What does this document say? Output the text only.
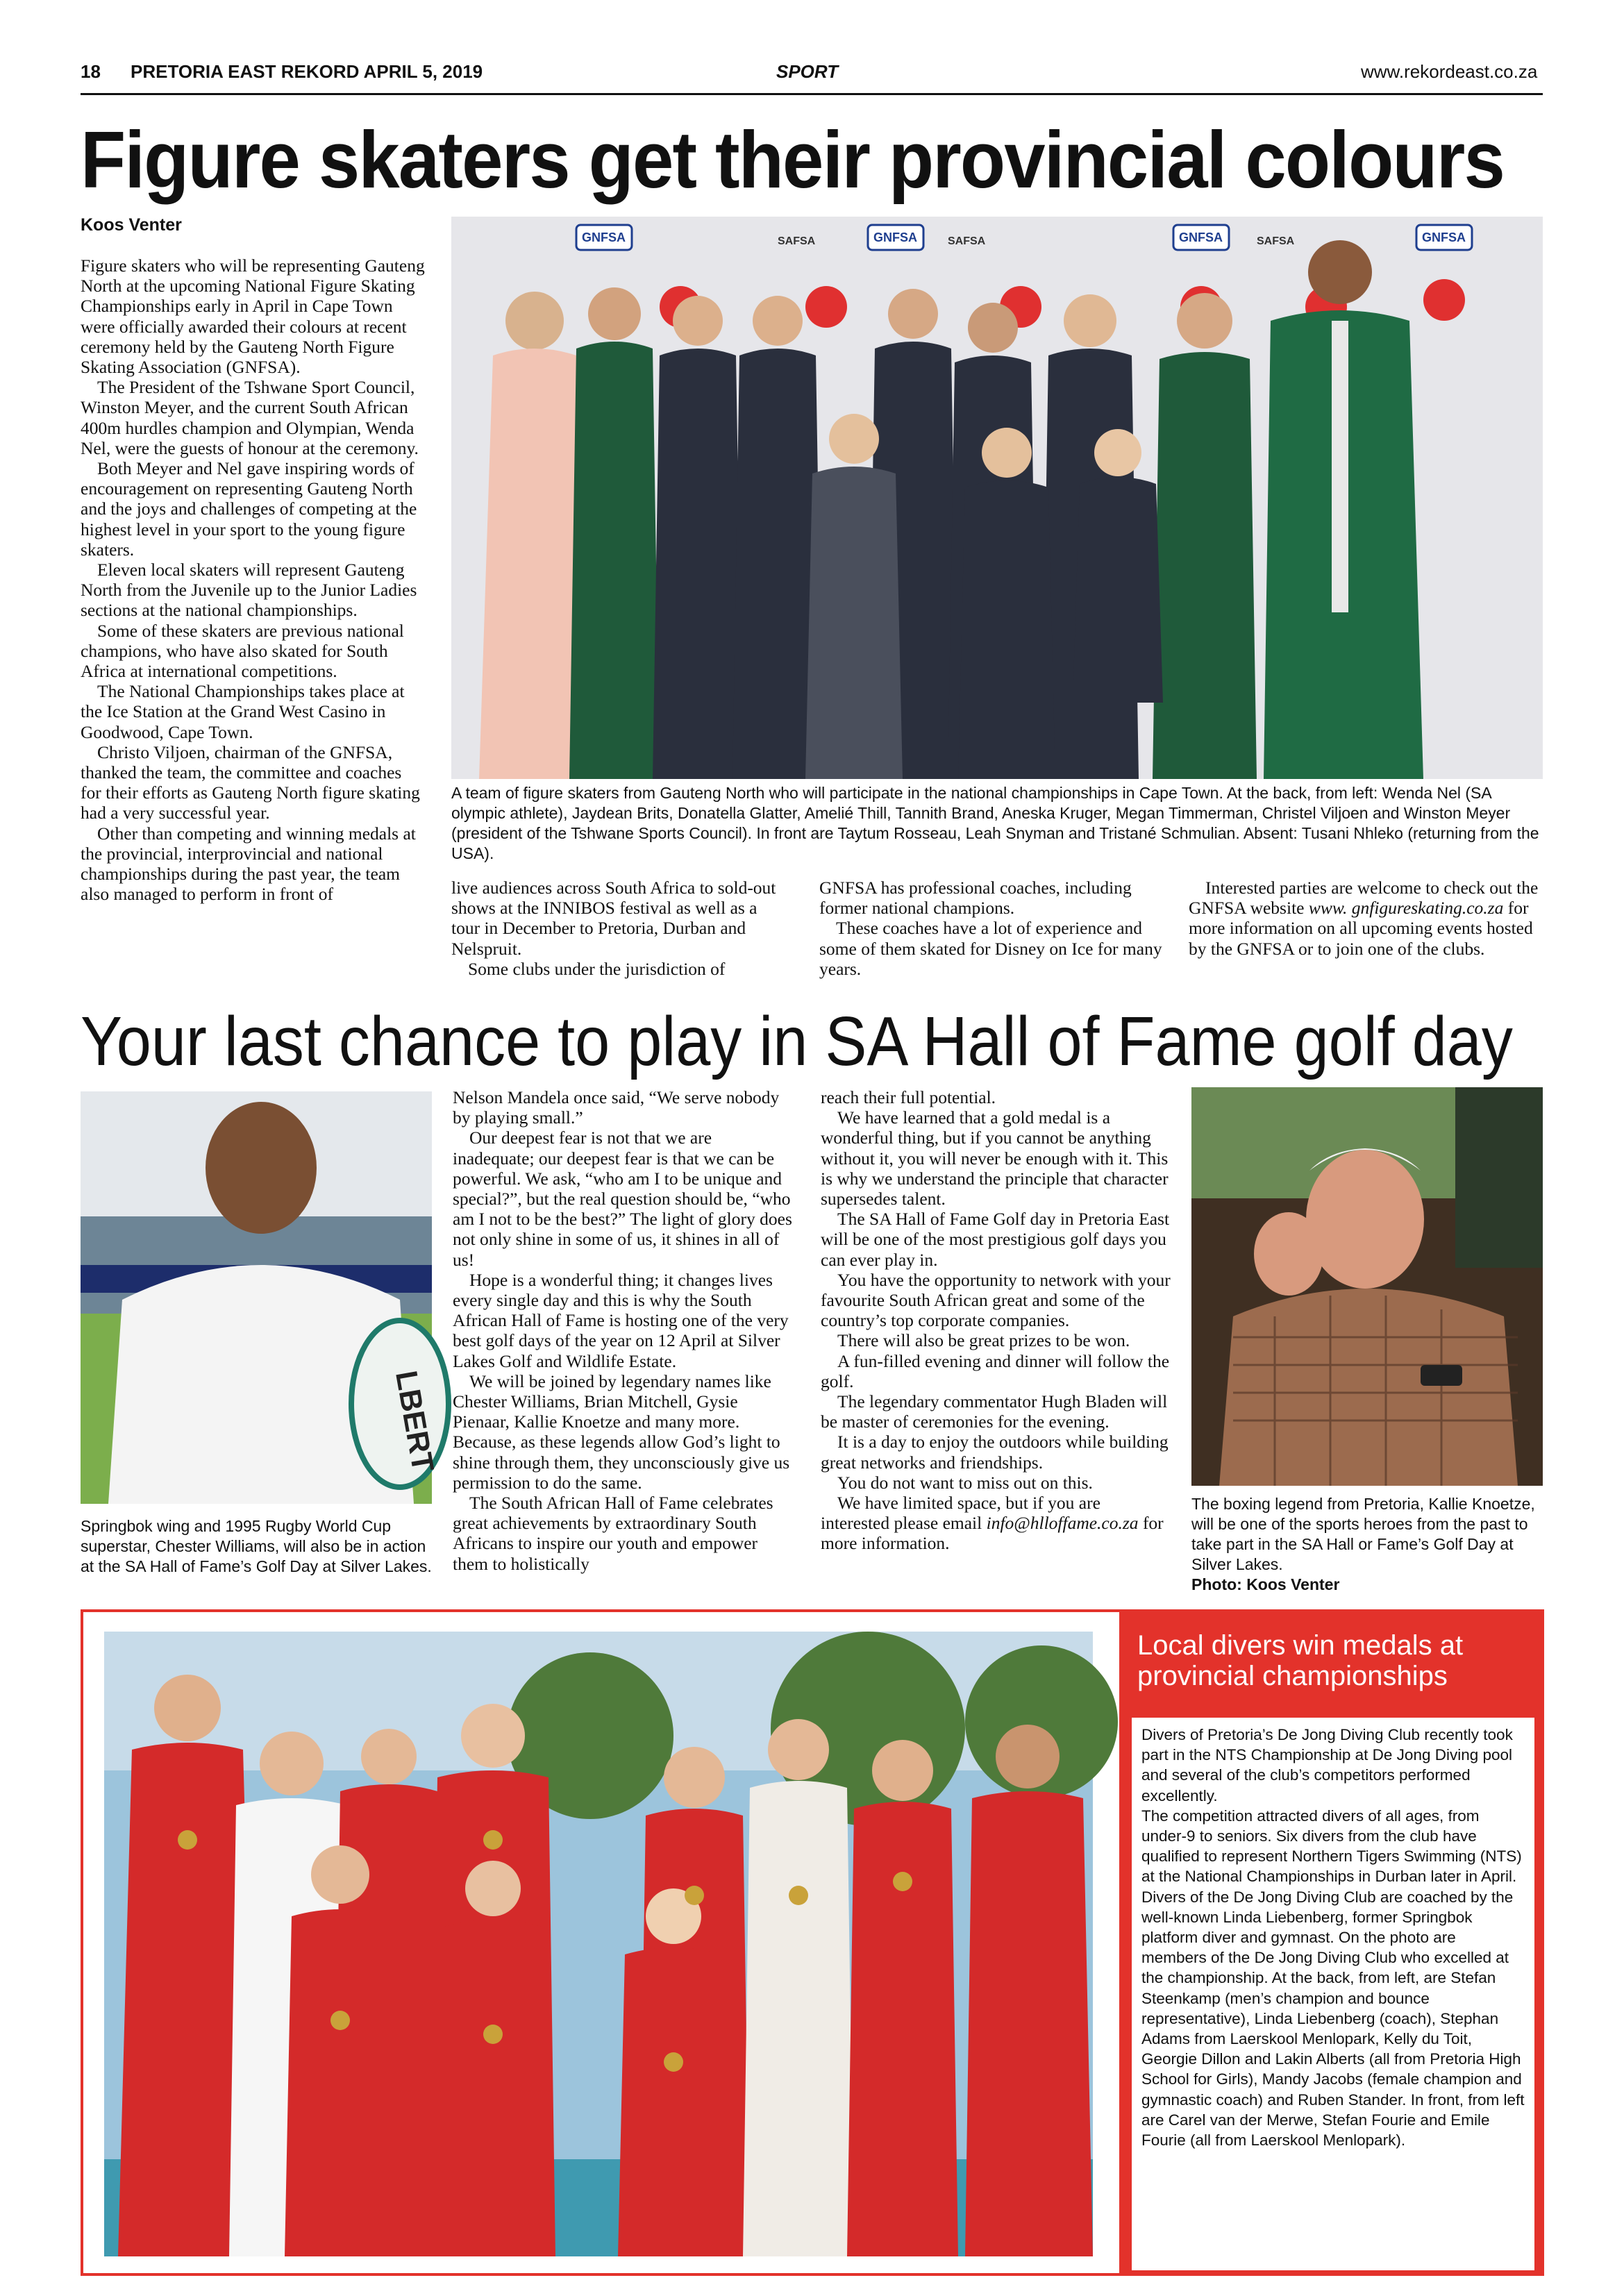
18 PRETORIA EAST REKORD APRIL 5, 2019	SPORT	www.rekordeast.co.za
Figure skaters get their provincial colours
Koos Venter

Figure skaters who will be representing Gauteng North at the upcoming National Figure Skating Championships early in April in Cape Town were officially awarded their colours at recent ceremony held by the Gauteng North Figure Skating Association (GNFSA).

The President of the Tshwane Sport Council, Winston Meyer, and the current South African 400m hurdles champion and Olympian, Wenda Nel, were the guests of honour at the ceremony.

Both Meyer and Nel gave inspiring words of encouragement on representing Gauteng North and the joys and challenges of competing at the highest level in your sport to the young figure skaters.

Eleven local skaters will represent Gauteng North from the Juvenile up to the Junior Ladies sections at the national championships.

Some of these skaters are previous national champions, who have also skated for South Africa at international competitions.

The National Championships takes place at the Ice Station at the Grand West Casino in Goodwood, Cape Town.

Christo Viljoen, chairman of the GNFSA, thanked the team, the committee and coaches for their efforts as Gauteng North figure skating had a very successful year.

Other than competing and winning medals at the provincial, interprovincial and national championships during the past year, the team also managed to perform in front of

GNFSA	SAFSA	GNFSA	SAFSA	GNFSA	SAFSA	GNFSA
A team of figure skaters from Gauteng North who will participate in the national championships in Cape Town. At the back, from left: Wenda Nel (SA olympic athlete), Jaydean Brits, Donatella Glatter, Amelié Thill, Tannith Brand, Aneska Kruger, Megan Timmerman, Christel Viljoen and Winston Meyer (president of the Tshwane Sports Council). In front are Taytum Rosseau, Leah Snyman and Tristané Schmulian. Absent: Tusani Nhleko (returning from the USA).

live audiences across South Africa to sold-out shows at the INNIBOS festival as well as a tour in December to Pretoria, Durban and Nelspruit.

Some clubs under the jurisdiction of

GNFSA has professional coaches, including former national champions.

These coaches have a lot of experience and some of them skated for Disney on Ice for many years.

Interested parties are welcome to check out the GNFSA website www. gnfigureskating.co.za for more information on all upcoming events hosted by the GNFSA or to join one of the clubs.

Your last chance to play in SA Hall of Fame golf day
LBERT
Springbok wing and 1995 Rugby World Cup superstar, Chester Williams, will also be in action at the SA Hall of Fame’s Golf Day at Silver Lakes.

Nelson Mandela once said, “We serve nobody by playing small.”

Our deepest fear is not that we are inadequate; our deepest fear is that we can be powerful. We ask, “who am I to be unique and special?”, but the real question should be, “who am I not to be the best?” The light of glory does not only shine in some of us, it shines in all of us!

Hope is a wonderful thing; it changes lives every single day and this is why the South African Hall of Fame is hosting one of the very best golf days of the year on 12 April at Silver Lakes Golf and Wildlife Estate.

We will be joined by legendary names like Chester Williams, Brian Mitchell, Gysie Pienaar, Kallie Knoetze and many more. Because, as these legends allow God’s light to shine through them, they unconsciously give us permission to do the same.

The South African Hall of Fame celebrates great achievements by extraordinary South Africans to inspire our youth and empower them to holistically

reach their full potential.

We have learned that a gold medal is a wonderful thing, but if you cannot be anything without it, you will never be enough with it. This is why we understand the principle that character supersedes talent.

The SA Hall of Fame Golf day in Pretoria East will be one of the most prestigious golf days you can ever play in.

You have the opportunity to network with your favourite South African great and some of the country’s top corporate companies.

There will also be great prizes to be won.

A fun-filled evening and dinner will follow the golf.

The legendary commentator Hugh Bladen will be master of ceremonies for the evening.

It is a day to enjoy the outdoors while building great networks and friendships.

You do not want to miss out on this.

We have limited space, but if you are interested please email info@hlloffame.co.za for more information.

The boxing legend from Pretoria, Kallie Knoetze, will be one of the sports heroes from the past to take part in the SA Hall or Fame’s Golf Day at Silver Lakes.
Photo: Koos Venter
Local divers win medals at provincial championships

Divers of Pretoria’s De Jong Diving Club recently took part in the NTS Championship at De Jong Diving pool and several of the club’s competitors performed excellently.

The competition attracted divers of all ages, from under-9 to seniors. Six divers from the club have qualified to represent Northern Tigers Swimming (NTS) at the National Championships in Durban later in April. Divers of the De Jong Diving Club are coached by the well-known Linda Liebenberg, former Springbok platform diver and gymnast. On the photo are members of the De Jong Diving Club who excelled at the championship. At the back, from left, are Stefan Steenkamp (men’s champion and bounce representative), Linda Liebenberg (coach), Stephan Adams from Laerskool Menlopark, Kelly du Toit, Georgie Dillon and Lakin Alberts (all from Pretoria High School for Girls), Mandy Jacobs (female champion and gymnastic coach) and Ruben Stander. In front, from left are Carel van der Merwe, Stefan Fourie and Emile Fourie (all from Laerskool Menlopark).
